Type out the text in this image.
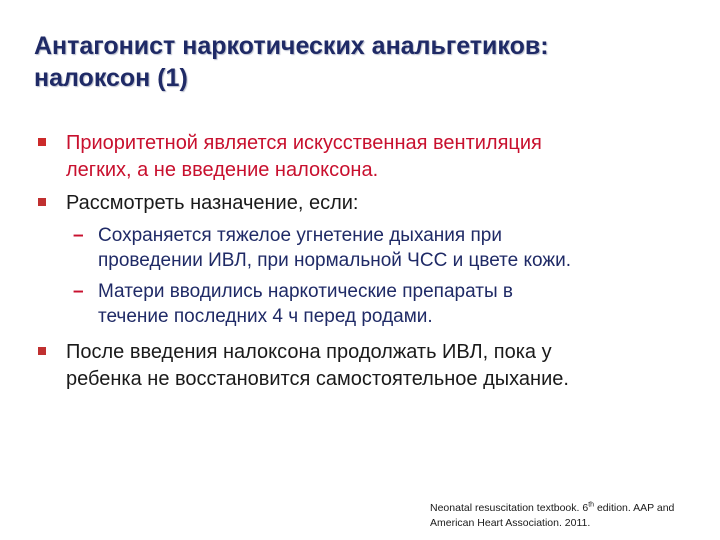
Антагонист наркотических анальгетиков:
налоксон (1)
Приоритетной является искусственная вентиляция
легких, а не введение налоксона.
Рассмотреть назначение, если:
– Сохраняется тяжелое угнетение дыхания при
проведении ИВЛ, при нормальной ЧСС и цвете кожи.
– Матери вводились наркотические препараты в
течение последних 4 ч перед родами.
После введения налоксона продолжать ИВЛ, пока у
ребенка не восстановится самостоятельное дыхание.
Neonatal resuscitation textbook. 6th edition. AAP and
American Heart Association. 2011.
